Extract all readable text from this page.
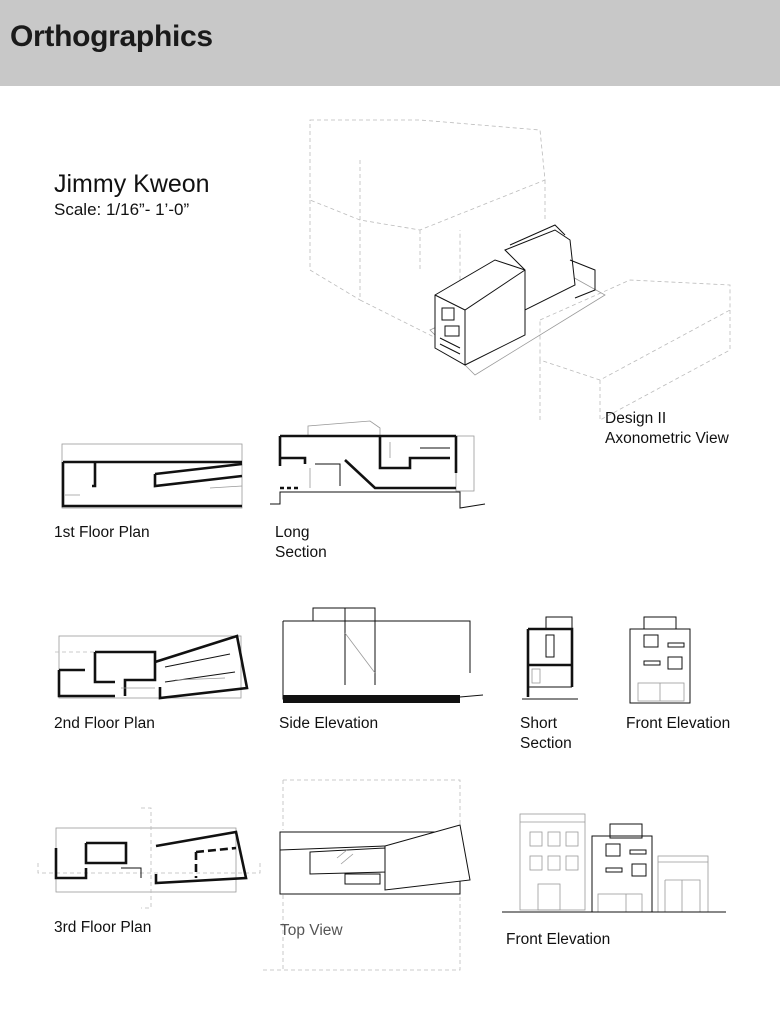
Orthographics
Jimmy Kweon
Scale: 1/16”- 1’-0”
Design II
Axonometric View
1st Floor Plan	Long
Section
2nd Floor Plan	Side Elevation	Short
Section
Front Elevation
3rd Floor Plan	Top View
Front Elevation
